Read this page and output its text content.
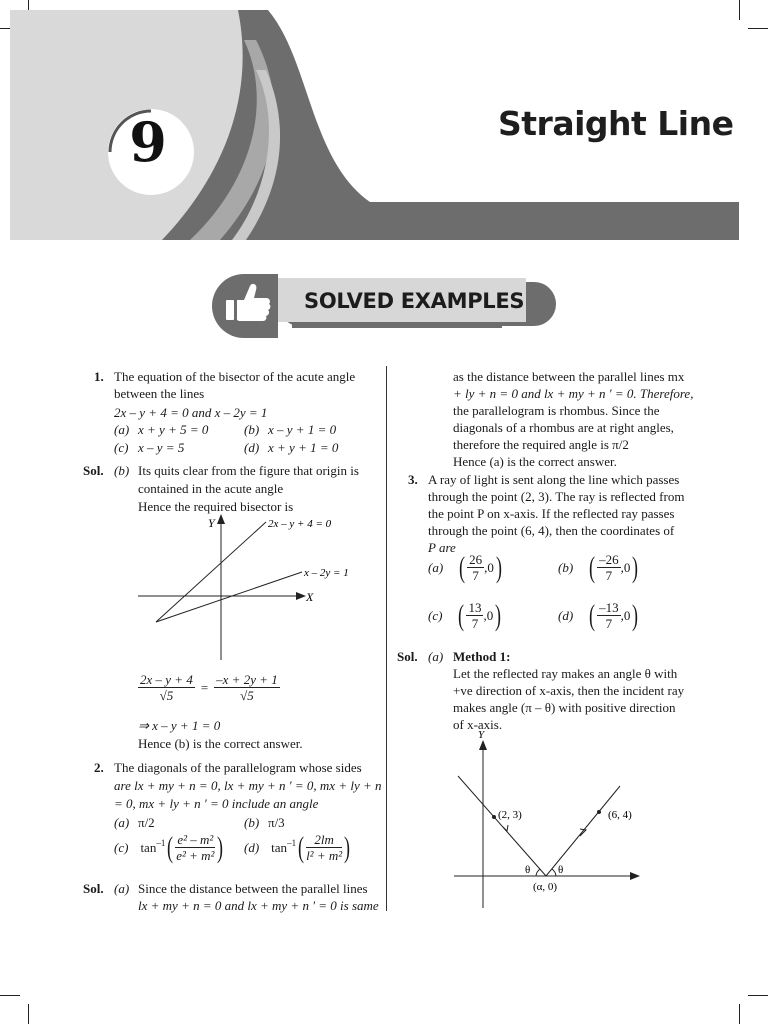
9	Straight Line
SOLVED EXAMPLES
1. The equation of the bisector of the acute angle
between the lines
2x – y + 4 = 0 and x – 2y = 1
(a) x + y + 5 = 0	(b) x – y + 1 = 0
(c) x – y = 5	(d) x + y + 1 = 0
Sol. (b) Its quits clear from the figure that origin is
contained in the acute angle
Hence the required bisector is
Y
X
2x – y + 4 = 0
x – 2y = 1
$\frac{2x - y + 4}{√5} = \frac{-x + 2y + 1}{√5}$
⇒ x – y + 1 = 0
Hence (b) is the correct answer.
2. The diagonals of the parallelogram whose sides
are lx + my + n = 0, lx + my + n ′ = 0, mx + ly + n
= 0, mx + ly + n ′ = 0 include an angle
(a) π/2	(b) π/3
(c) $\tan^{-1}$ ( $\frac{\text{e² – m²}}{\text{e² + m²}}$ ) (d) $\tan^{-1}$ ( $\frac{2lm}{\text{l² + m²}}$ )
Sol. (a) Since the distance between the parallel lines
lx + my + n = 0 and lx + my + n ′ = 0 is same
as the distance between the parallel lines mx
+ ly + n = 0 and lx + my + n ′ = 0. Therefore,
the parallelogram is rhombus. Since the
diagonals of a rhombus are at right angles,
therefore the required angle is π/2
Hence (a) is the correct answer.
3. A ray of light is sent along the line which passes
through the point (2, 3). The ray is reflected from
the point P on x-axis. If the reflected ray passes
through the point (6, 4), then the coordinates of
P are
(a) ( $\frac{26}{7} ,0$ )	(b) ( $\frac{-26}{7} ,0$ )
(c) ( $\frac{13}{7} ,0$ )	(d) ( $\frac{-13}{7} ,0$ )
Sol. (a) Method 1:
Let the reflected ray makes an angle θ with
+ve direction of x-axis, then the incident ray
makes angle (π – θ) with positive direction
of x-axis.
Y
(2, 3)	(6, 4)
θ	θ
(α, 0)
